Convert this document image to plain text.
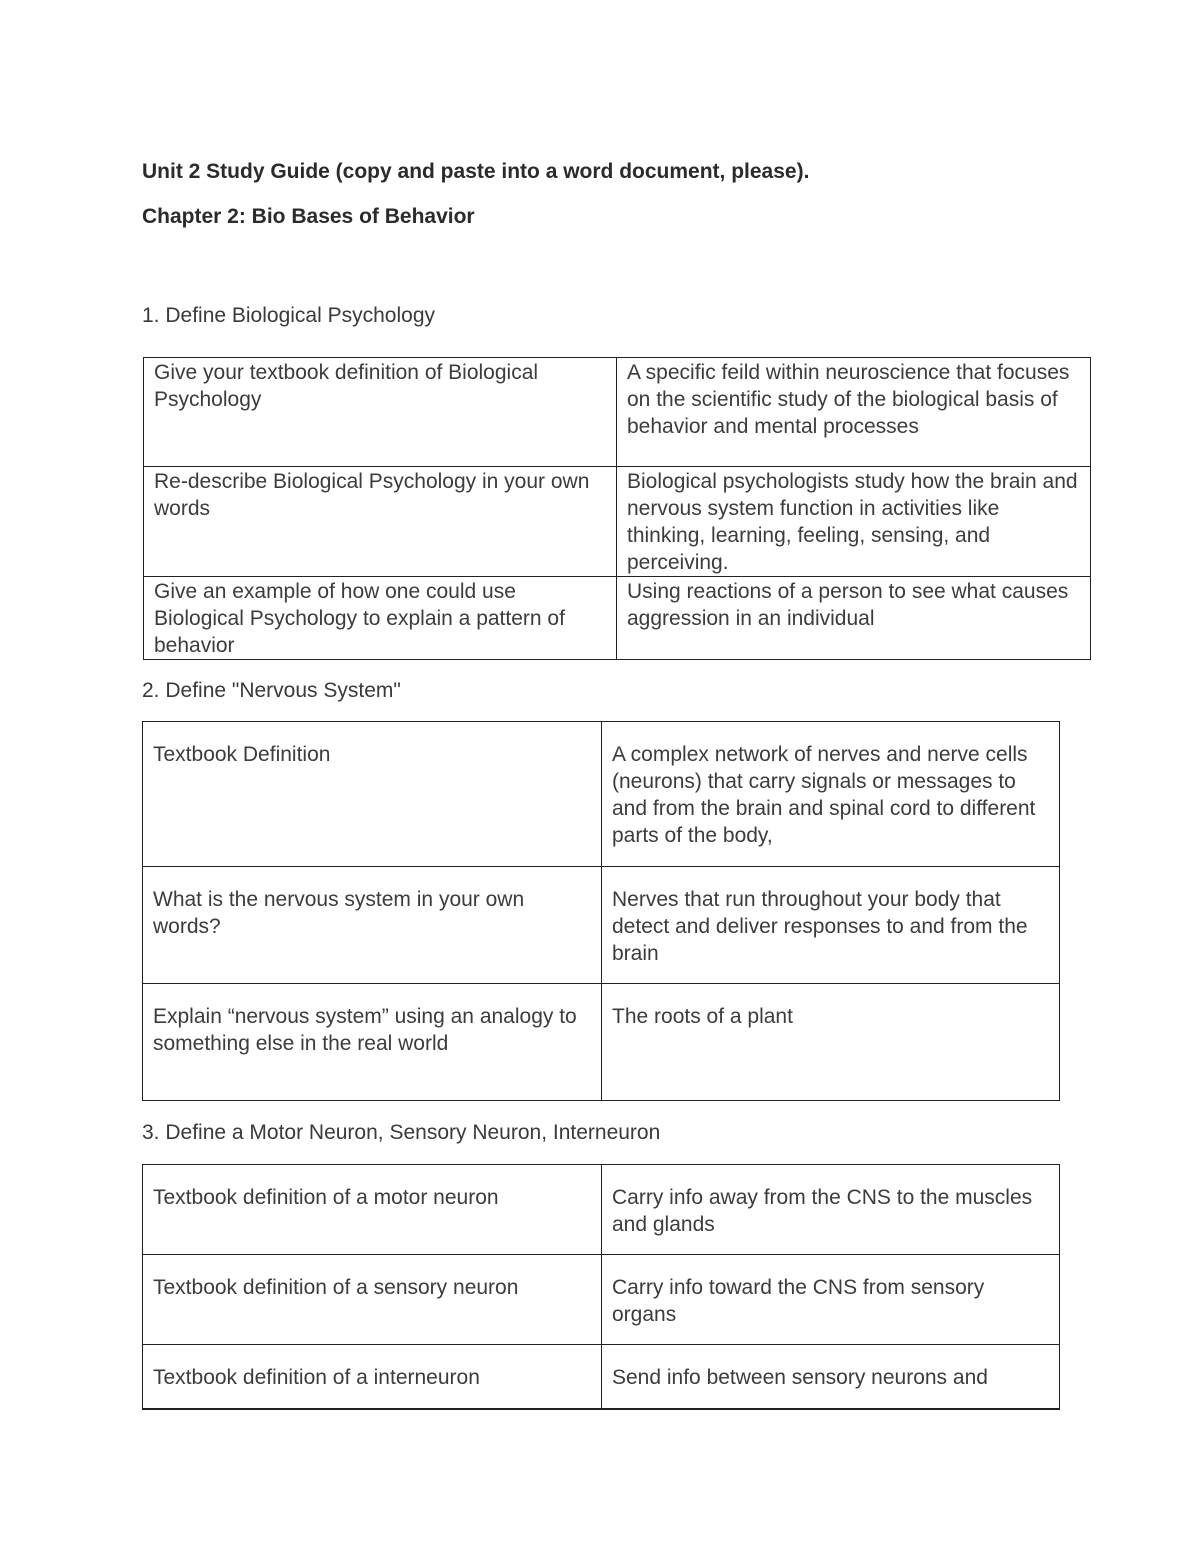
Unit 2 Study Guide (copy and paste into a word document, please).

Chapter 2: Bio Bases of Behavior

1. Define Biological Psychology

Give your textbook definition of Biological Psychology	A specific feild within neuroscience that focuses on the scientific study of the biological basis of behavior and mental processes
Re-describe Biological Psychology in your own words	Biological psychologists study how the brain and nervous system function in activities like thinking, learning, feeling, sensing, and perceiving.
Give an example of how one could use Biological Psychology to explain a pattern of behavior	Using reactions of a person to see what causes aggression in an individual

2. Define "Nervous System"

Textbook Definition	A complex network of nerves and nerve cells (neurons) that carry signals or messages to and from the brain and spinal cord to different parts of the body,
What is the nervous system in your own words?	Nerves that run throughout your body that detect and deliver responses to and from the brain
Explain “nervous system” using an analogy to something else in the real world	The roots of a plant

3. Define a Motor Neuron, Sensory Neuron, Interneuron

Textbook definition of a motor neuron	Carry info away from the CNS to the muscles and glands
Textbook definition of a sensory neuron	Carry info toward the CNS from sensory organs
Textbook definition of a interneuron	Send info between sensory neurons and
